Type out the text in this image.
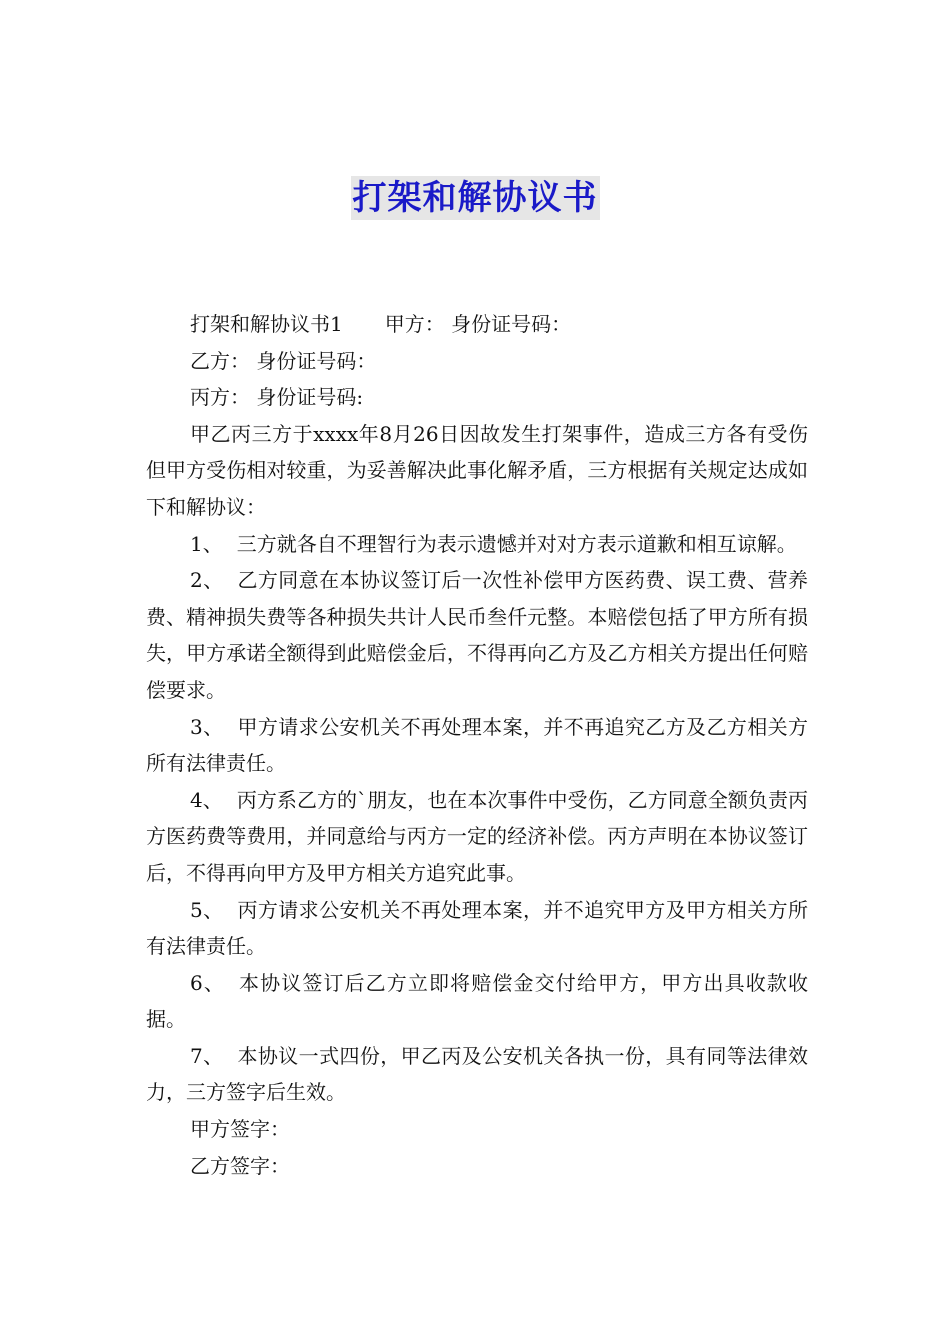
打架和解协议书

打架和解协议书1 甲方： 身份证号码：

乙方： 身份证号码：

丙方： 身份证号码:

甲乙丙三方于xxxx年8月26日因故发生打架事件，造成三方各有受伤但甲方受伤相对较重，为妥善解决此事化解矛盾，三方根据有关规定达成如下和解协议：

1、 三方就各自不理智行为表示遗憾并对对方表示道歉和相互谅解。

2、 乙方同意在本协议签订后一次性补偿甲方医药费、误工费、营养费、精神损失费等各种损失共计人民币叁仟元整。本赔偿包括了甲方所有损失，甲方承诺全额得到此赔偿金后，不得再向乙方及乙方相关方提出任何赔偿要求。

3、 甲方请求公安机关不再处理本案，并不再追究乙方及乙方相关方所有法律责任。

4、 丙方系乙方的`朋友，也在本次事件中受伤，乙方同意全额负责丙方医药费等费用，并同意给与丙方一定的经济补偿。丙方声明在本协议签订后，不得再向甲方及甲方相关方追究此事。

5、 丙方请求公安机关不再处理本案，并不追究甲方及甲方相关方所有法律责任。

6、 本协议签订后乙方立即将赔偿金交付给甲方，甲方出具收款收据。

7、 本协议一式四份，甲乙丙及公安机关各执一份，具有同等法律效力，三方签字后生效。

甲方签字：

乙方签字：
